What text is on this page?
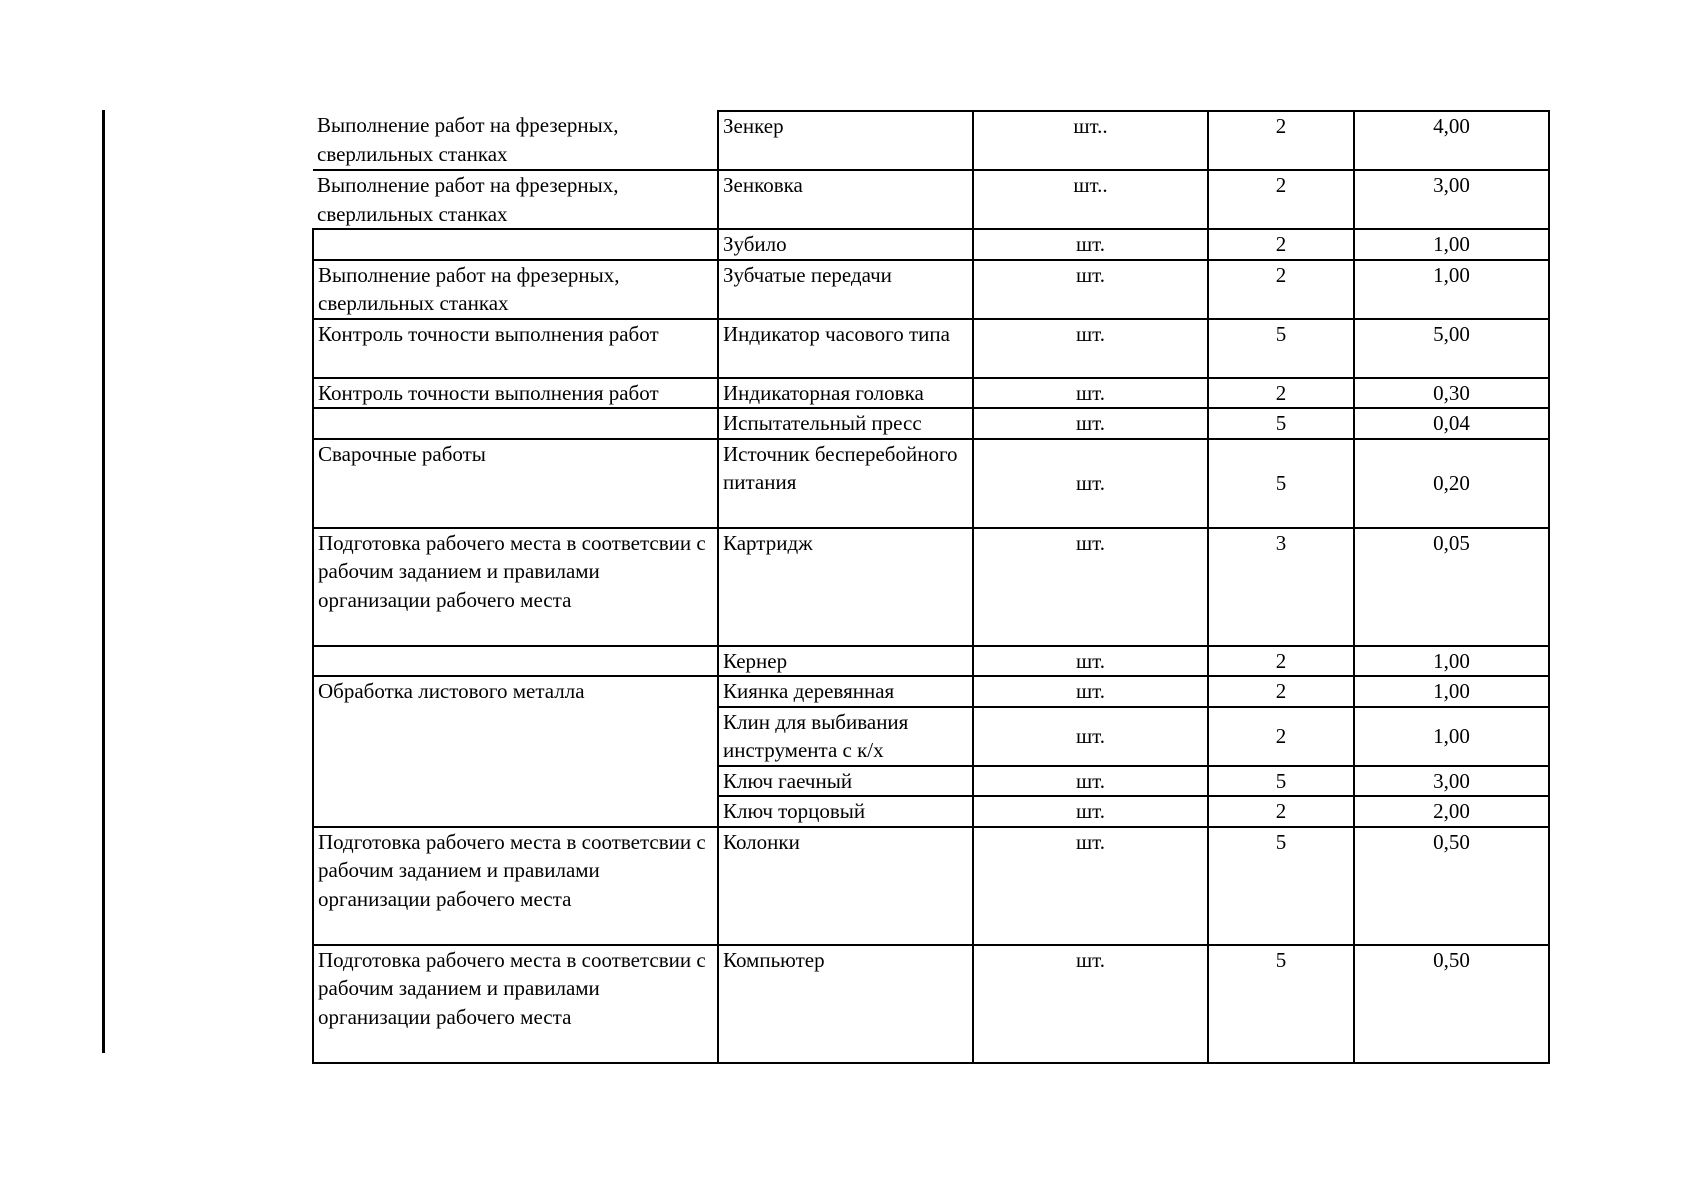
Выполнение работ на фрезерных, сверлильных станках	Зенкер	шт..	2	4,00
Выполнение работ на фрезерных, сверлильных станках	Зенковка	шт..	2	3,00
	Зубило	шт.	2	1,00
Выполнение работ на фрезерных, сверлильных станках	Зубчатые передачи	шт.	2	1,00
Контроль точности выполнения работ	Индикатор часового типа	шт.	5	5,00
Контроль точности выполнения работ	Индикаторная головка	шт.	2	0,30
	Испытательный пресс	шт.	5	0,04
Сварочные работы	Источник бесперебойного питания	шт.	5	0,20
Подготовка рабочего места в соответсвии с рабочим заданием и правилами организации рабочего места	Картридж	шт.	3	0,05
	Кернер	шт.	2	1,00
Обработка листового металла	Киянка деревянная	шт.	2	1,00
	Клин для выбивания инструмента с к/х	шт.	2	1,00
	Ключ гаечный	шт.	5	3,00
	Ключ торцовый	шт.	2	2,00
Подготовка рабочего места в соответсвии с рабочим заданием и правилами организации рабочего места	Колонки	шт.	5	0,50
Подготовка рабочего места в соответсвии с рабочим заданием и правилами организации рабочего места	Компьютер	шт.	5	0,50
